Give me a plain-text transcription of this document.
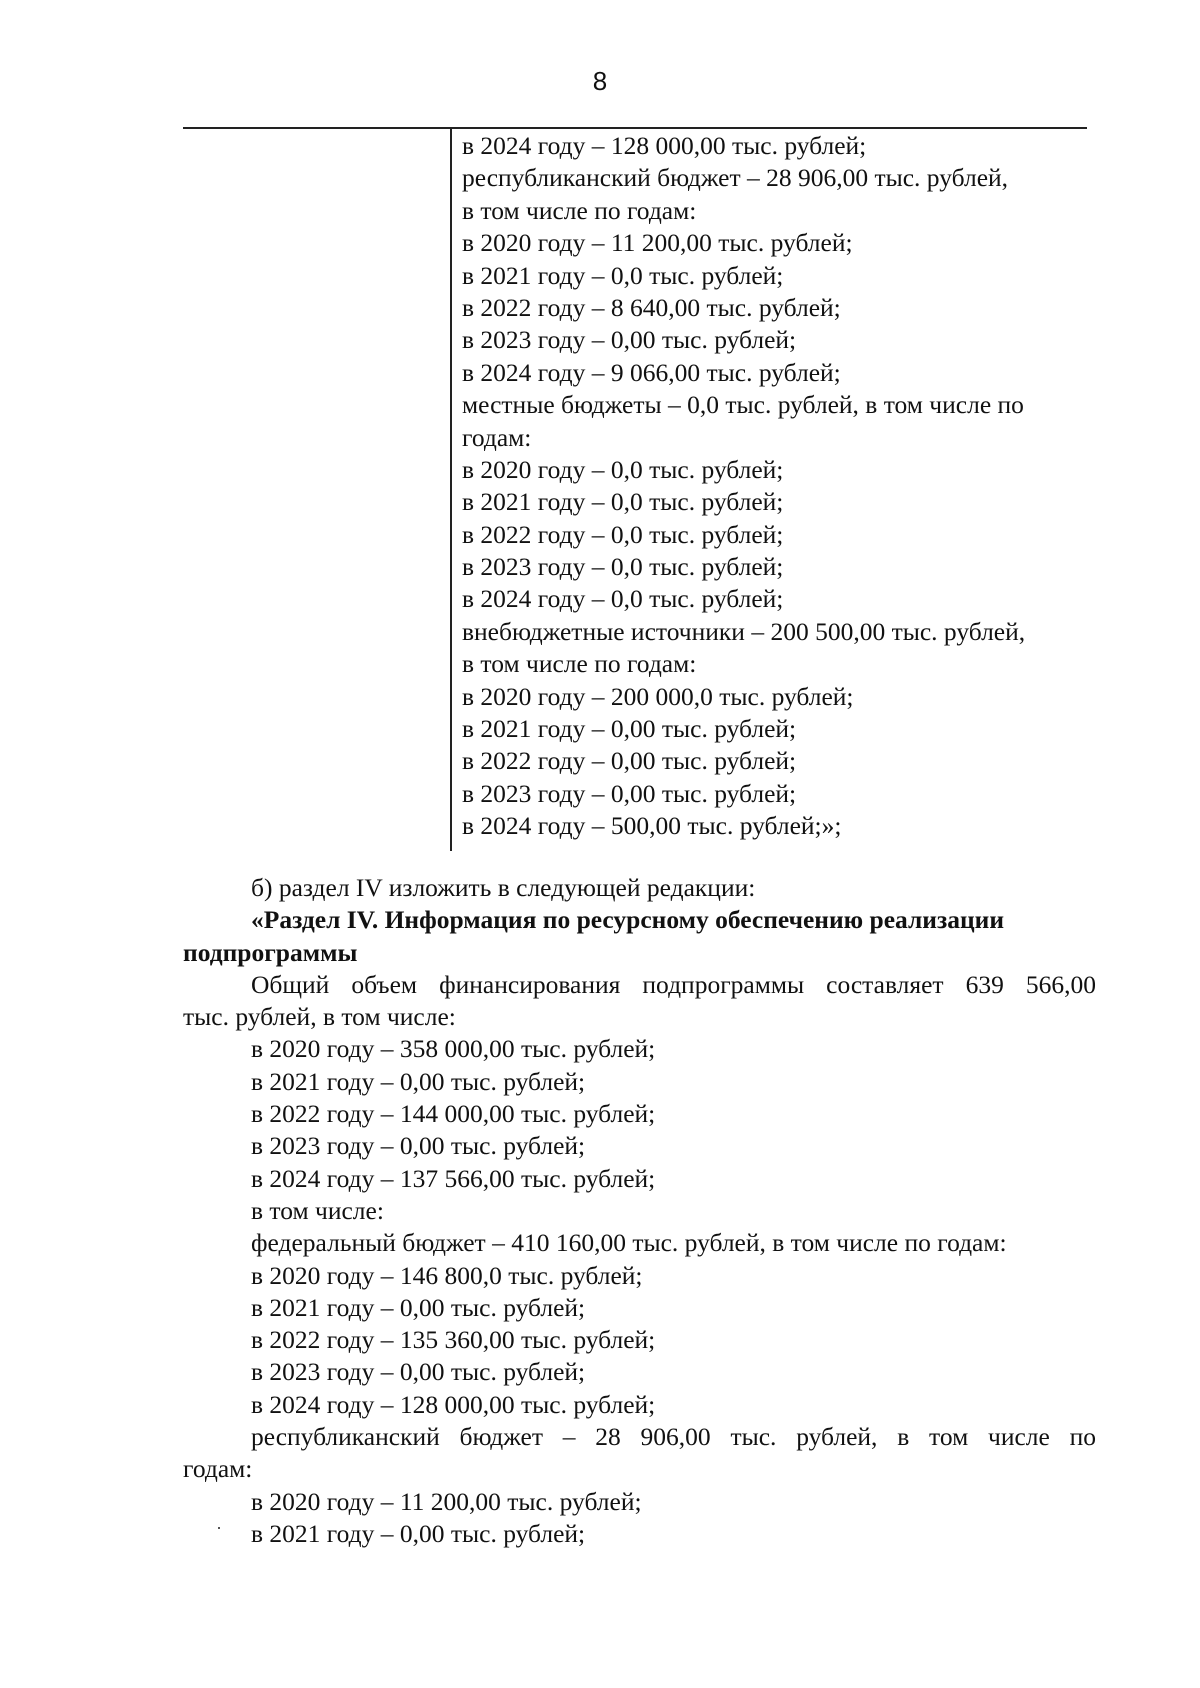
8
в 2024 году – 128 000,00 тыс. рублей;
республиканский бюджет – 28 906,00 тыс. рублей,
в том числе по годам:
в 2020 году – 11 200,00 тыс. рублей;
в 2021 году – 0,0 тыс. рублей;
в 2022 году – 8 640,00 тыс. рублей;
в 2023 году – 0,00 тыс. рублей;
в 2024 году – 9 066,00 тыс. рублей;
местные бюджеты – 0,0 тыс. рублей, в том числе по
годам:
в 2020 году – 0,0 тыс. рублей;
в 2021 году – 0,0 тыс. рублей;
в 2022 году – 0,0 тыс. рублей;
в 2023 году – 0,0 тыс. рублей;
в 2024 году – 0,0 тыс. рублей;
внебюджетные источники – 200 500,00 тыс. рублей,
в том числе по годам:
в 2020 году – 200 000,0 тыс. рублей;
в 2021 году – 0,00 тыс. рублей;
в 2022 году – 0,00 тыс. рублей;
в 2023 году – 0,00 тыс. рублей;
в 2024 году – 500,00 тыс. рублей;»;
б) раздел IV изложить в следующей редакции:
«Раздел IV. Информация по ресурсному обеспечению реализации
подпрограммы
Общий объем финансирования подпрограммы составляет 639 566,00
тыс. рублей, в том числе:
в 2020 году – 358 000,00 тыс. рублей;
в 2021 году – 0,00 тыс. рублей;
в 2022 году – 144 000,00 тыс. рублей;
в 2023 году – 0,00 тыс. рублей;
в 2024 году – 137 566,00 тыс. рублей;
в том числе:
федеральный бюджет – 410 160,00 тыс. рублей, в том числе по годам:
в 2020 году – 146 800,0 тыс. рублей;
в 2021 году – 0,00 тыс. рублей;
в 2022 году – 135 360,00 тыс. рублей;
в 2023 году – 0,00 тыс. рублей;
в 2024 году – 128 000,00 тыс. рублей;
республиканский бюджет – 28 906,00 тыс. рублей, в том числе по
годам:
в 2020 году – 11 200,00 тыс. рублей;
в 2021 году – 0,00 тыс. рублей;
